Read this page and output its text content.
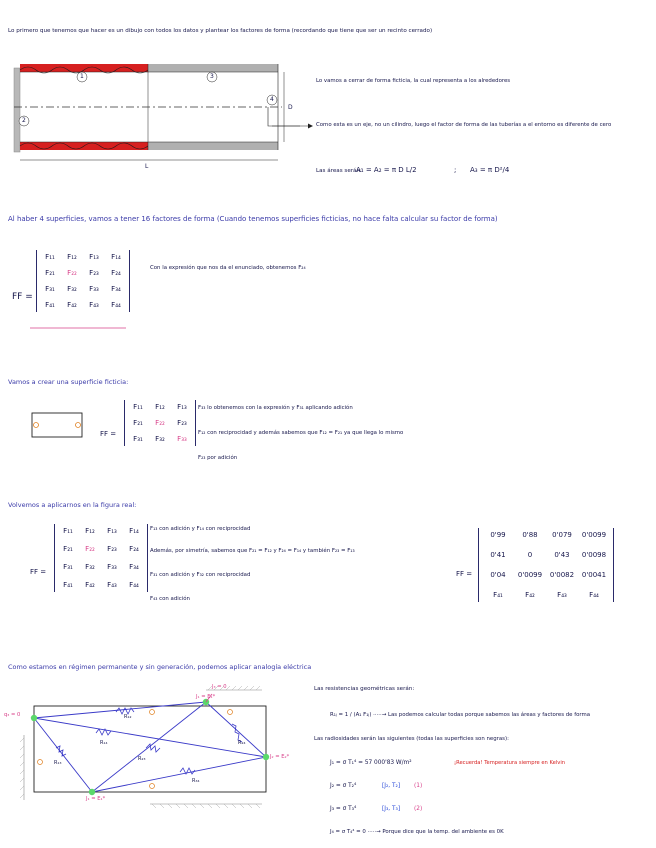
Lo primero que tenemos que hacer es un dibujo con todos los datos y plantear los factores de forma (recordando que tiene que ser un recinto cerrado)
1	3
4
2
D
L
Lo vamos a cerrar de forma ficticia, la cual representa a los alrededores
Como esta es un eje, no un cilindro, luego el factor de forma de las tuberías a el entorno es diferente de cero
Las áreas serán:
A₁ = A₂ = π D L/2	; A₃ = π D²/4
Al haber 4 superficies, vamos a tener 16 factores de forma (Cuando tenemos superficies ficticias, no hace falta calcular su factor de forma)
FF =
F₁₁	F₁₂	F₁₃	F₁₄
F₂₁	F₂₂	F₂₃	F₂₄
F₃₁	F₃₂	F₃₃	F₃₄
F₄₁	F₄₂	F₄₃	F₄₄
Con la expresión que nos da el enunciado, obtenemos F₂₄
Vamos a crear una superficie ficticia:
FF =
F₁₁	F₁₂	F₁₃
F₂₁	F₂₂	F₂₃
F₃₁	F₃₂	F₃₃
F₃₃ lo obtenemos con la expresión y F₃₁ aplicando adición
F₁₂ con reciprocidad y además sabemos que F₁₂ = F₂₁ ya que llega lo mismo
F₂₃ por adición
Volvemos a aplicarnos en la figura real:
FF =
F₁₁	F₁₂	F₁₃	F₁₄
F₂₁	F₂₂	F₂₃	F₂₄
F₃₁	F₃₂	F₃₃	F₃₄
F₄₁	F₄₂	F₄₃	F₄₄
F₁₃ con adición y F₁₄ con reciprocidad
Además, por simetría, sabemos que F₂₁ = F₁₂ y F₂₄ = F₁₄ y también F₂₃ = F₁₃
F₃₁ con adición y F₃₂ con reciprocidad
F₄₃ con adición
FF =
0'99	0'88	0'079	0'0099
0'41	0	0'43	0'0098
0'04	0'0099 0'0082 0'0041
F₄₁	F₄₂	F₄₃	F₄₄
Como estamos en régimen permanente y sin generación, podemos aplicar analogía eléctrica
J₃ = 0
q₃ = 0
J₂ = E₂*
J₁ = E₁*
J₁ = E₁*
R₁₂
R₁₃
R₁₄
R₂₃
R₂₄
R₃₄
Las resistencias geométricas serán:
R₁ⱼ = 1 / (A₁ F₁ⱼ) ·····→ Las podemos calcular todas porque sabemos las áreas y factores de forma
Las radiosidades serán las siguientes (todas las superficies son negras):
J₁ = σ T₁⁴ = 57 000'83 W/m²	¡Recuerda! Temperatura siempre en Kelvin
J₂ = σ T₂⁴	[J₂, T₂] (1)
J₃ = σ T₃⁴	[J₃, T₃] (2)
J₄ = σ T₄⁴ = 0 ·····→ Porque dice que la temp. del ambiente es 0K
